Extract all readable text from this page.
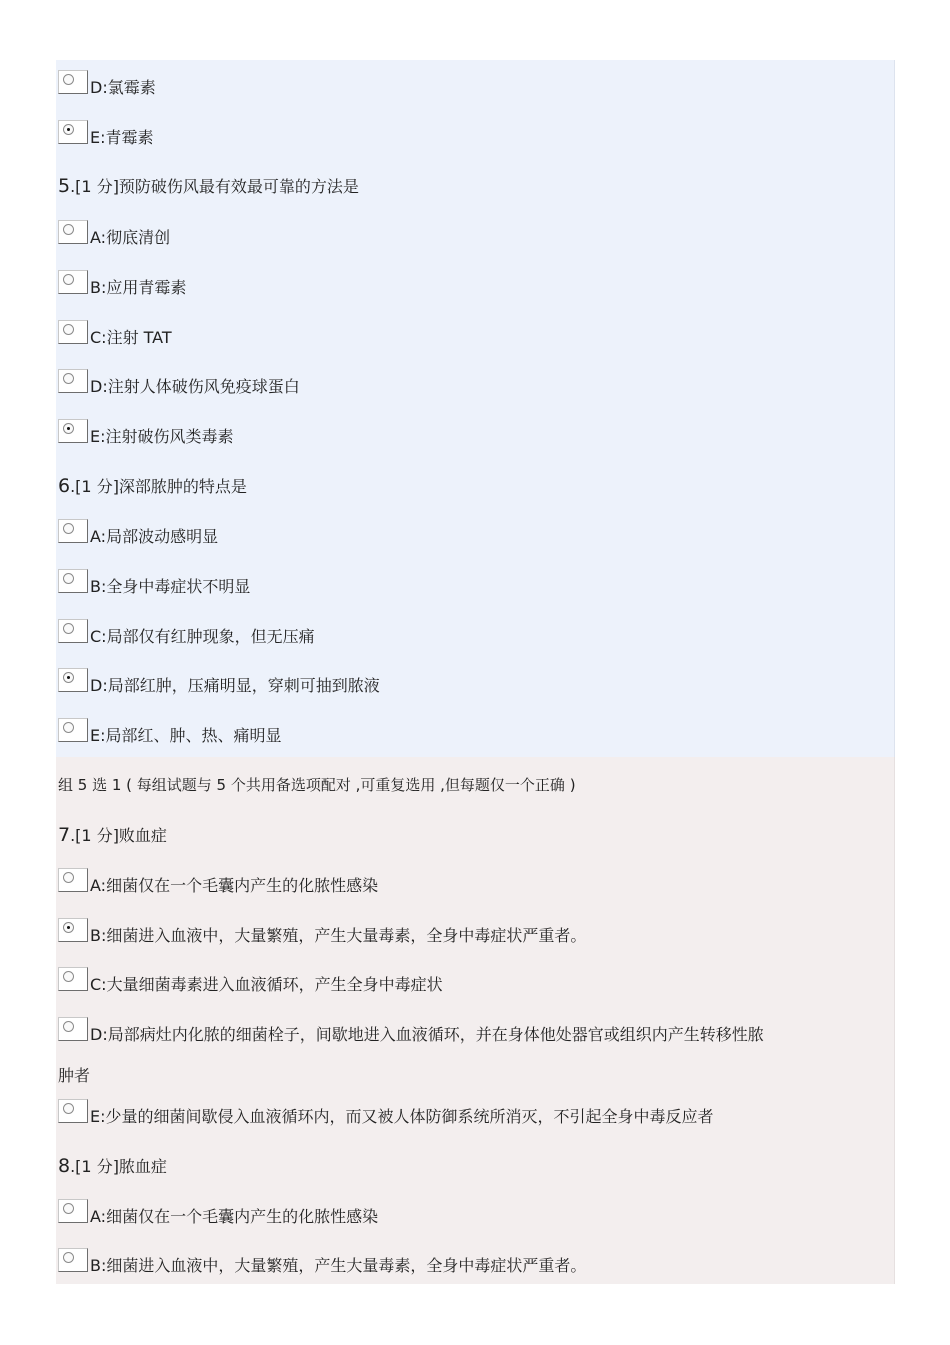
D:氯霉素
E:青霉素
5.[1 分]预防破伤风最有效最可靠的方法是
A:彻底清创
B:应用青霉素
C:注射 TAT
D:注射人体破伤风免疫球蛋白
E:注射破伤风类毒素
6.[1 分]深部脓肿的特点是
A:局部波动感明显
B:全身中毒症状不明显
C:局部仅有红肿现象，但无压痛
D:局部红肿，压痛明显，穿刺可抽到脓液
E:局部红、肿、热、痛明显
组 5 选 1 ( 每组试题与 5 个共用备选项配对 ,可重复选用 ,但每题仅一个正确 )
7.[1 分]败血症
A:细菌仅在一个毛囊内产生的化脓性感染
B:细菌进入血液中，大量繁殖，产生大量毒素，全身中毒症状严重者。
C:大量细菌毒素进入血液循环，产生全身中毒症状
D:局部病灶内化脓的细菌栓子，间歇地进入血液循环，并在身体他处器官或组织内产生转移性脓
肿者
E:少量的细菌间歇侵入血液循环内，而又被人体防御系统所消灭，不引起全身中毒反应者
8.[1 分]脓血症
A:细菌仅在一个毛囊内产生的化脓性感染
B:细菌进入血液中，大量繁殖，产生大量毒素，全身中毒症状严重者。
